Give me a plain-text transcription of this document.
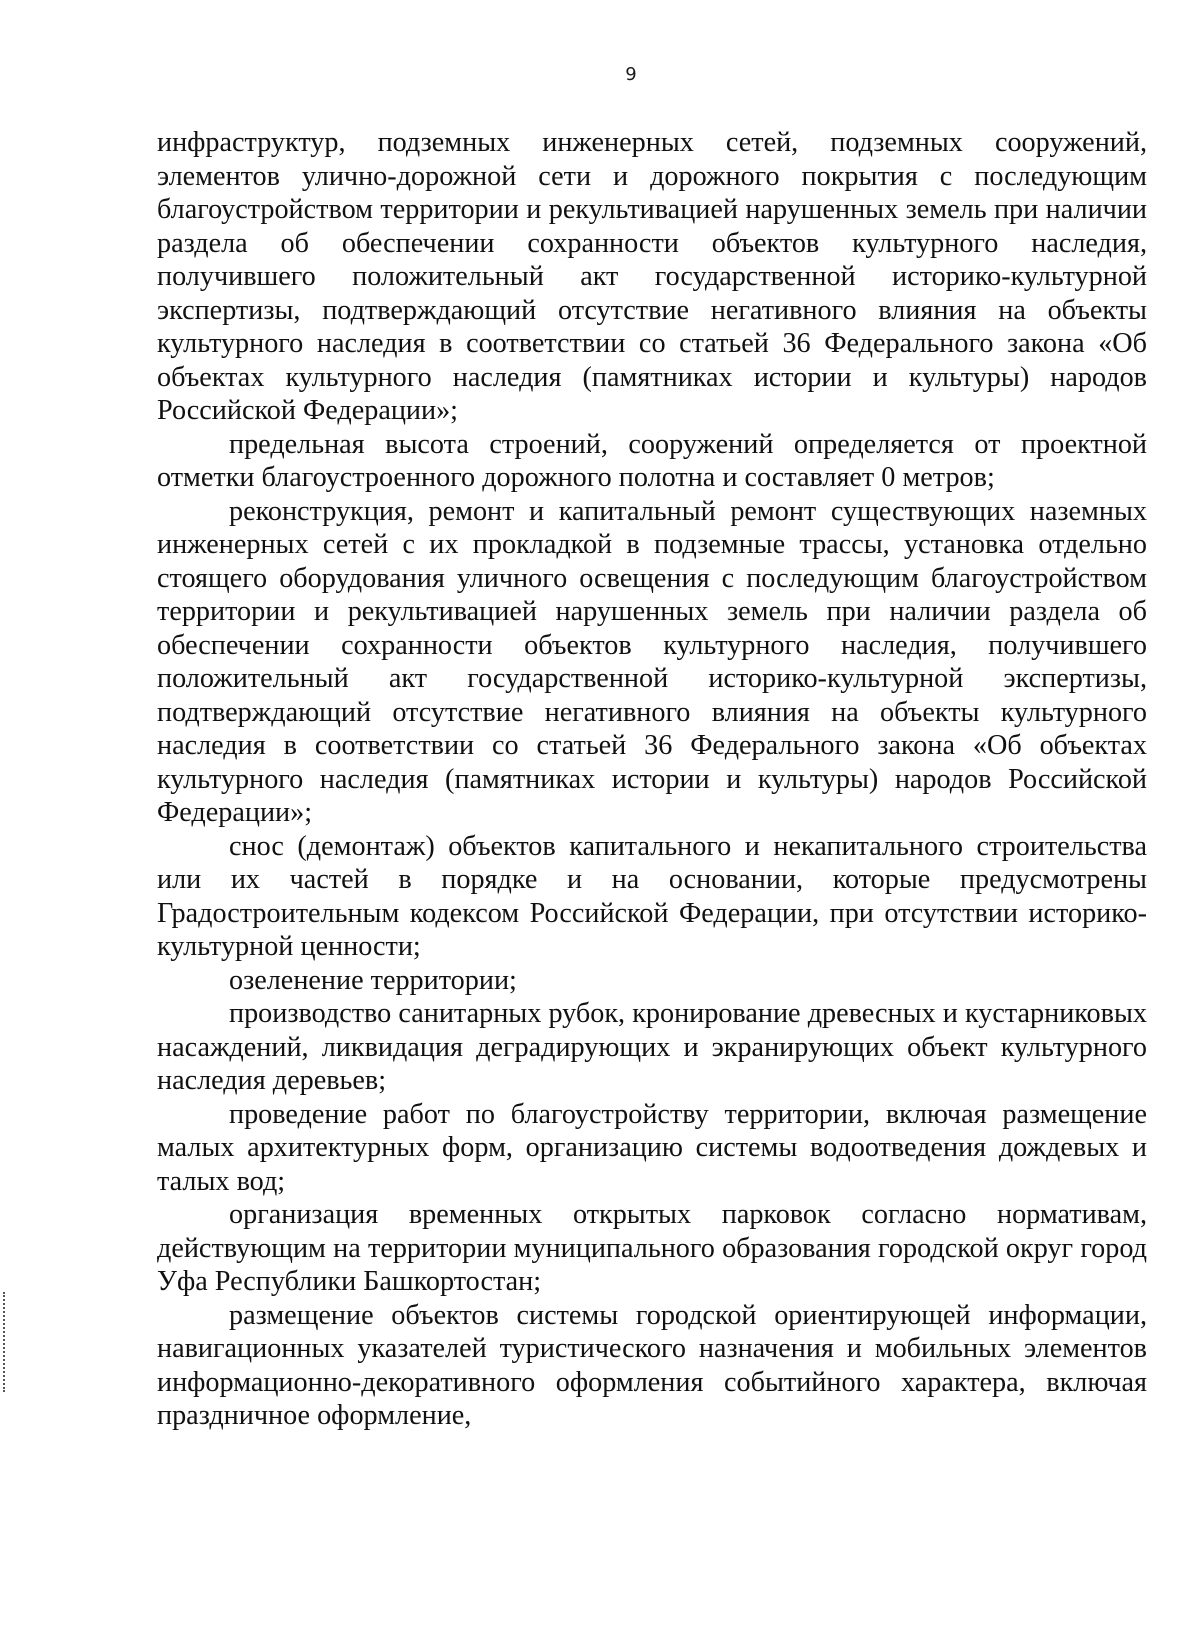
9

инфраструктур, подземных инженерных сетей, подземных сооружений, элементов улично-дорожной сети и дорожного покрытия с последующим благоустройством территории и рекультивацией нарушенных земель при наличии раздела об обеспечении сохранности объектов культурного наследия, получившего положительный акт государственной историко-культурной экспертизы, подтверждающий отсутствие негативного влияния на объекты культурного наследия в соответствии со статьей 36 Федерального закона «Об объектах культурного наследия (памятниках истории и культуры) народов Российской Федерации»;

предельная высота строений, сооружений определяется от проектной отметки благоустроенного дорожного полотна и составляет 0 метров;

реконструкция, ремонт и капитальный ремонт существующих наземных инженерных сетей с их прокладкой в подземные трассы, установка отдельно стоящего оборудования уличного освещения с последующим благоустройством территории и рекультивацией нарушенных земель при наличии раздела об обеспечении сохранности объектов культурного наследия, получившего положительный акт государственной историко-культурной экспертизы, подтверждающий отсутствие негативного влияния на объекты культурного наследия в соответствии со статьей 36 Федерального закона «Об объектах культурного наследия (памятниках истории и культуры) народов Российской Федерации»;

снос (демонтаж) объектов капитального и некапитального строительства или их частей в порядке и на основании, которые предусмотрены Градостроительным кодексом Российской Федерации, при отсутствии историко-культурной ценности;

озеленение территории;

производство санитарных рубок, кронирование древесных и кустарниковых насаждений, ликвидация деградирующих и экранирующих объект культурного наследия деревьев;

проведение работ по благоустройству территории, включая размещение малых архитектурных форм, организацию системы водоотведения дождевых и талых вод;

организация временных открытых парковок согласно нормативам, действующим на территории муниципального образования городской округ город Уфа Республики Башкортостан;

размещение объектов системы городской ориентирующей информации, навигационных указателей туристического назначения и мобильных элементов информационно-декоративного оформления событийного характера, включая праздничное оформление,
